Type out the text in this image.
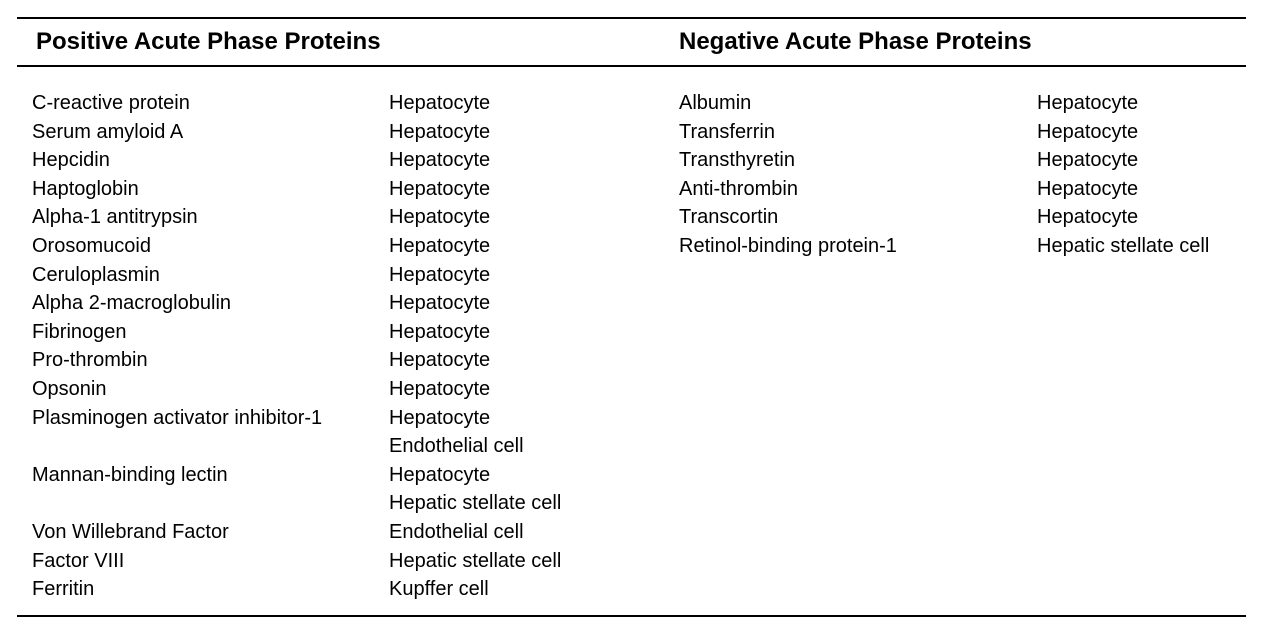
Positive Acute Phase Proteins	Negative Acute Phase Proteins
C-reactive protein
Serum amyloid A
Hepcidin
Haptoglobin
Alpha-1 antitrypsin
Orosomucoid
Ceruloplasmin
Alpha 2-macroglobulin
Fibrinogen
Pro-thrombin
Opsonin
Plasminogen activator inhibitor-1
Mannan-binding lectin
Von Willebrand Factor
Factor VIII
Ferritin
Hepatocyte
Hepatocyte
Hepatocyte
Hepatocyte
Hepatocyte
Hepatocyte
Hepatocyte
Hepatocyte
Hepatocyte
Hepatocyte
Hepatocyte
Hepatocyte
Endothelial cell
Hepatocyte
Hepatic stellate cell
Endothelial cell
Hepatic stellate cell
Kupffer cell
Albumin
Transferrin
Transthyretin
Anti-thrombin
Transcortin
Retinol-binding protein-1
Hepatocyte
Hepatocyte
Hepatocyte
Hepatocyte
Hepatocyte
Hepatic stellate cell
